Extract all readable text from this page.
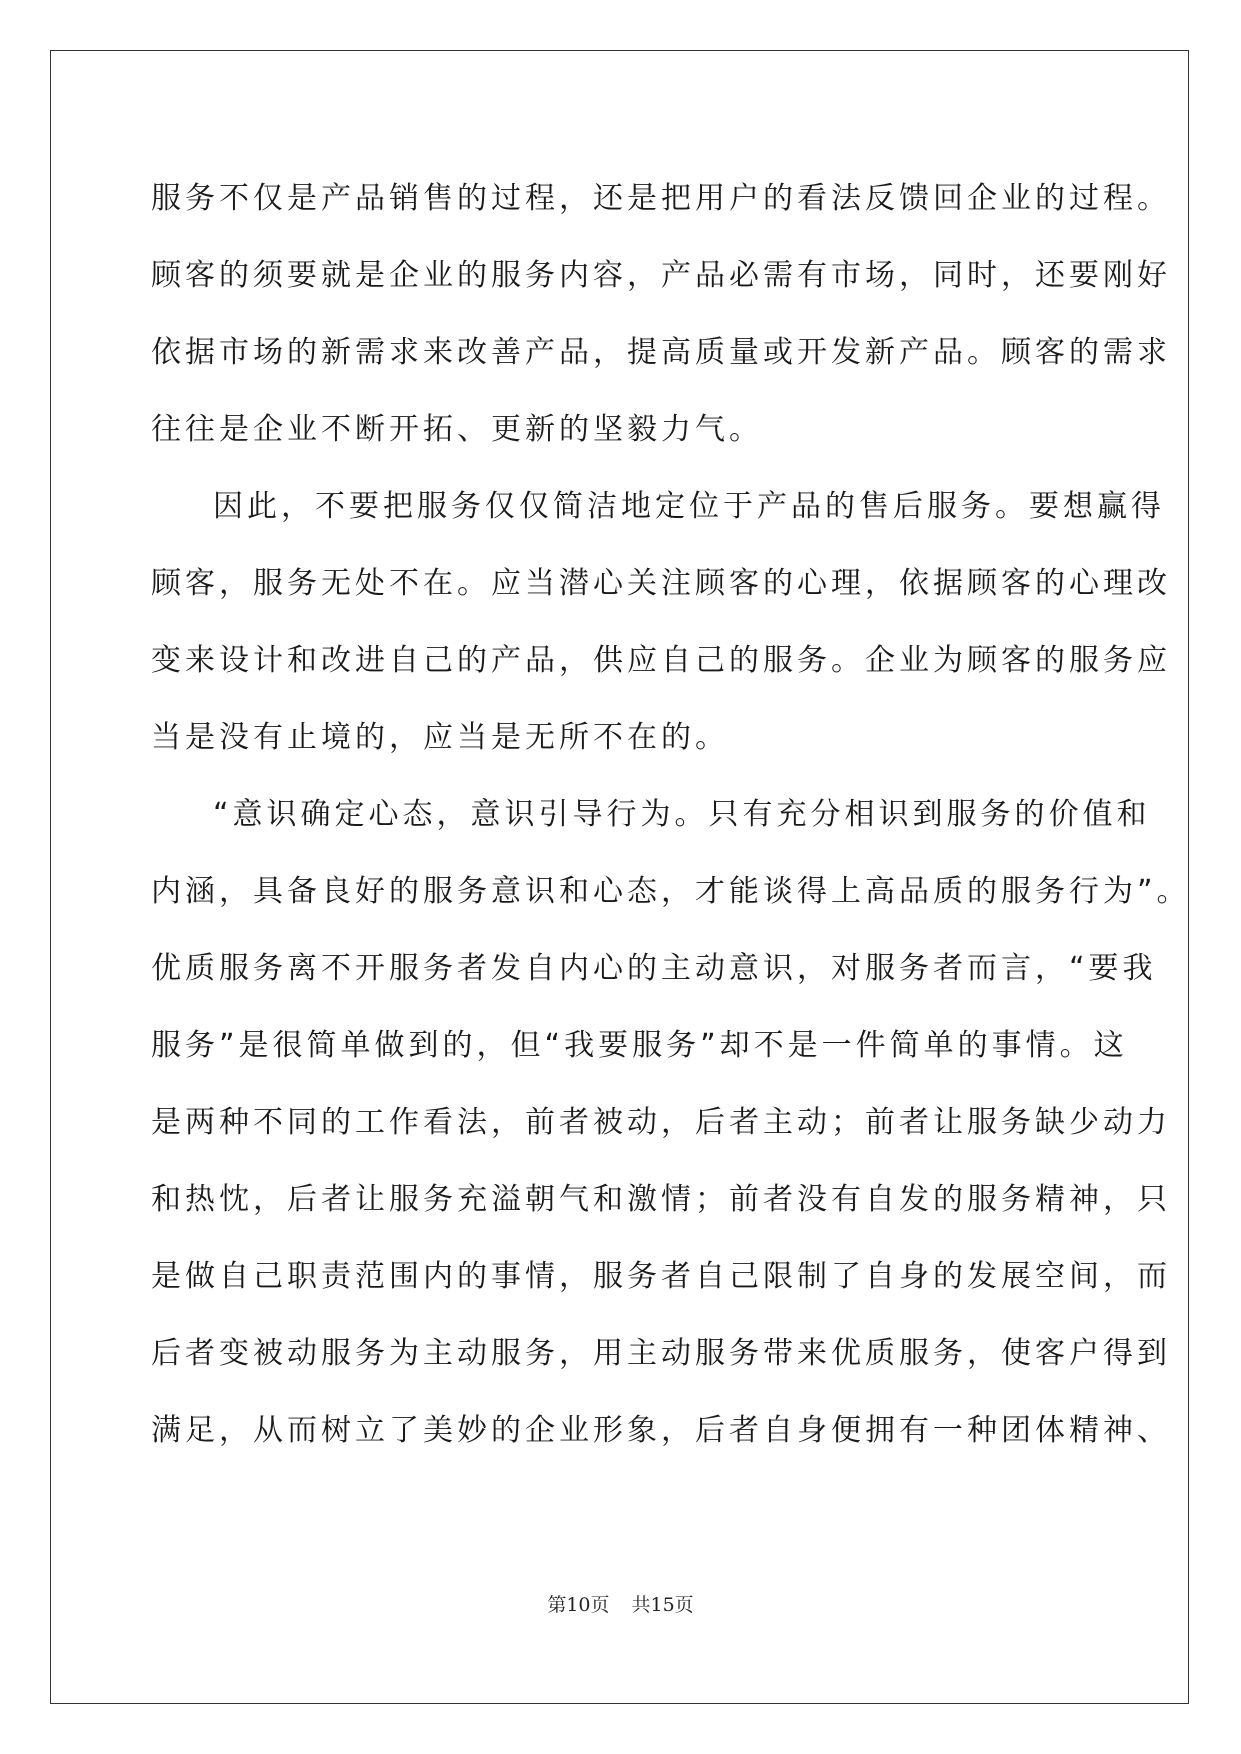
服务不仅是产品销售的过程，还是把用户的看法反馈回企业的过程。
顾客的须要就是企业的服务内容，产品必需有市场，同时，还要刚好
依据市场的新需求来改善产品，提高质量或开发新产品。顾客的需求
往往是企业不断开拓、更新的坚毅力气。
因此，不要把服务仅仅简洁地定位于产品的售后服务。要想赢得
顾客，服务无处不在。应当潜心关注顾客的心理，依据顾客的心理改
变来设计和改进自己的产品，供应自己的服务。企业为顾客的服务应
当是没有止境的，应当是无所不在的。
“意识确定心态，意识引导行为。只有充分相识到服务的价值和
内涵，具备良好的服务意识和心态，才能谈得上高品质的服务行为”。
优质服务离不开服务者发自内心的主动意识，对服务者而言，“要我
服务”是很简单做到的，但“我要服务”却不是一件简单的事情。这
是两种不同的工作看法，前者被动，后者主动；前者让服务缺少动力
和热忱，后者让服务充溢朝气和激情；前者没有自发的服务精神，只
是做自己职责范围内的事情，服务者自己限制了自身的发展空间，而
后者变被动服务为主动服务，用主动服务带来优质服务，使客户得到
满足，从而树立了美妙的企业形象，后者自身便拥有一种团体精神、
第10页 共15页
